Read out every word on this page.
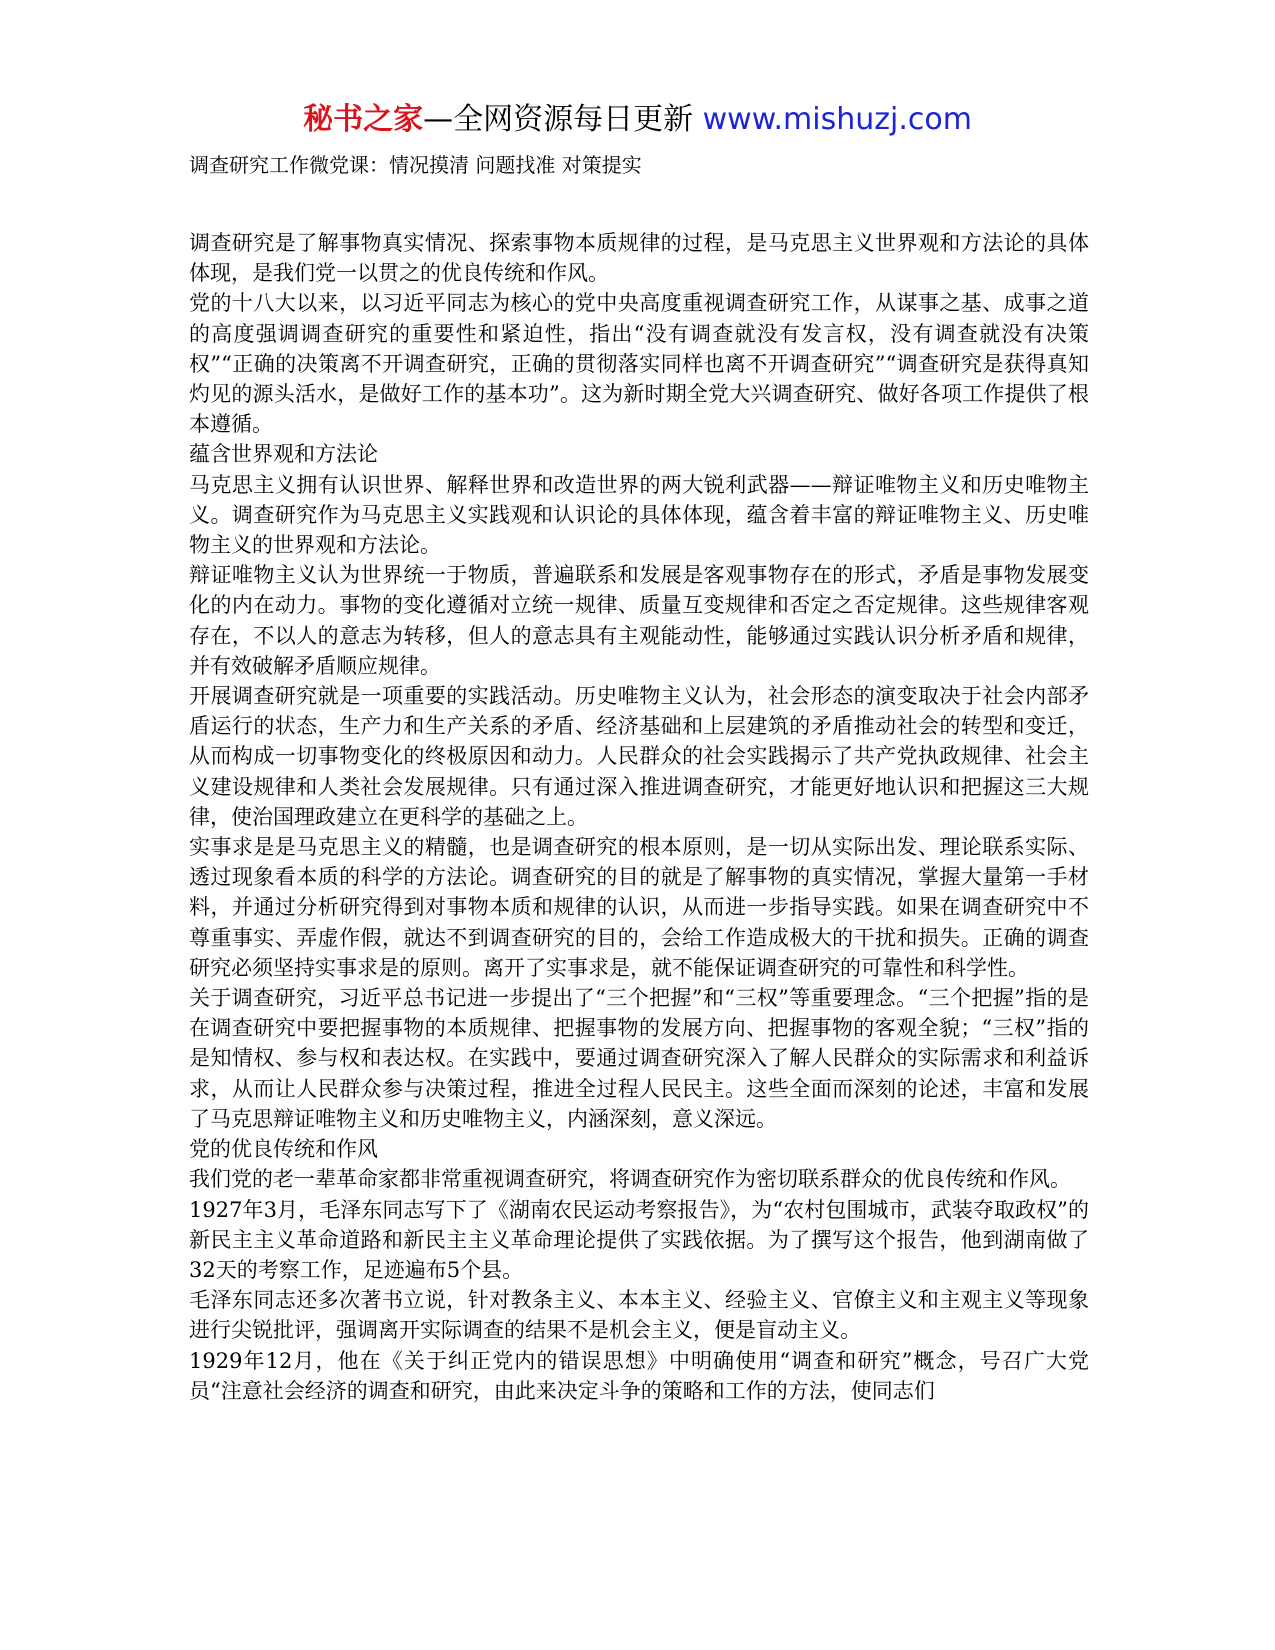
秘书之家—全网资源每日更新 www.mishuzj.com
调查研究工作微党课：情况摸清 问题找准 对策提实

调查研究是了解事物真实情况、探索事物本质规律的过程，是马克思主义世界观和方法论的具体体现，是我们党一以贯之的优良传统和作风。

党的十八大以来，以习近平同志为核心的党中央高度重视调查研究工作，从谋事之基、成事之道的高度强调调查研究的重要性和紧迫性，指出“没有调查就没有发言权，没有调查就没有决策权”“正确的决策离不开调查研究，正确的贯彻落实同样也离不开调查研究”“调查研究是获得真知灼见的源头活水，是做好工作的基本功”。这为新时期全党大兴调查研究、做好各项工作提供了根本遵循。

蕴含世界观和方法论

马克思主义拥有认识世界、解释世界和改造世界的两大锐利武器——辩证唯物主义和历史唯物主义。调查研究作为马克思主义实践观和认识论的具体体现，蕴含着丰富的辩证唯物主义、历史唯物主义的世界观和方法论。

辩证唯物主义认为世界统一于物质，普遍联系和发展是客观事物存在的形式，矛盾是事物发展变化的内在动力。事物的变化遵循对立统一规律、质量互变规律和否定之否定规律。这些规律客观存在，不以人的意志为转移，但人的意志具有主观能动性，能够通过实践认识分析矛盾和规律，并有效破解矛盾顺应规律。

开展调查研究就是一项重要的实践活动。历史唯物主义认为，社会形态的演变取决于社会内部矛盾运行的状态，生产力和生产关系的矛盾、经济基础和上层建筑的矛盾推动社会的转型和变迁，从而构成一切事物变化的终极原因和动力。人民群众的社会实践揭示了共产党执政规律、社会主义建设规律和人类社会发展规律。只有通过深入推进调查研究，才能更好地认识和把握这三大规律，使治国理政建立在更科学的基础之上。

实事求是是马克思主义的精髓，也是调查研究的根本原则，是一切从实际出发、理论联系实际、透过现象看本质的科学的方法论。调查研究的目的就是了解事物的真实情况，掌握大量第一手材料，并通过分析研究得到对事物本质和规律的认识，从而进一步指导实践。如果在调查研究中不尊重事实、弄虚作假，就达不到调查研究的目的，会给工作造成极大的干扰和损失。正确的调查研究必须坚持实事求是的原则。离开了实事求是，就不能保证调查研究的可靠性和科学性。

关于调查研究，习近平总书记进一步提出了“三个把握”和“三权”等重要理念。“三个把握”指的是在调查研究中要把握事物的本质规律、把握事物的发展方向、把握事物的客观全貌；“三权”指的是知情权、参与权和表达权。在实践中，要通过调查研究深入了解人民群众的实际需求和利益诉求，从而让人民群众参与决策过程，推进全过程人民民主。这些全面而深刻的论述，丰富和发展了马克思辩证唯物主义和历史唯物主义，内涵深刻，意义深远。

党的优良传统和作风

我们党的老一辈革命家都非常重视调查研究，将调查研究作为密切联系群众的优良传统和作风。

1927年3月，毛泽东同志写下了《湖南农民运动考察报告》，为“农村包围城市，武装夺取政权”的新民主主义革命道路和新民主主义革命理论提供了实践依据。为了撰写这个报告，他到湖南做了32天的考察工作，足迹遍布5个县。

毛泽东同志还多次著书立说，针对教条主义、本本主义、经验主义、官僚主义和主观主义等现象进行尖锐批评，强调离开实际调查的结果不是机会主义，便是盲动主义。

1929年12月，他在《关于纠正党内的错误思想》中明确使用“调查和研究”概念，号召广大党员“注意社会经济的调查和研究，由此来决定斗争的策略和工作的方法，使同志们
